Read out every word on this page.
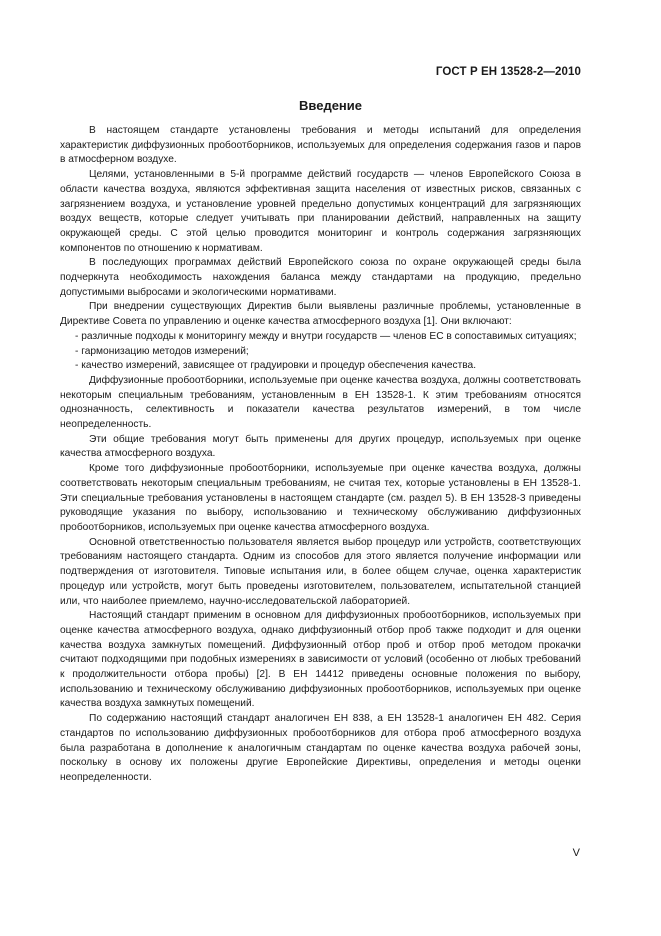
ГОСТ Р ЕН 13528-2—2010
Введение

В настоящем стандарте установлены требования и методы испытаний для определения характеристик диффузионных пробоотборников, используемых для определения содержания газов и паров в атмосферном воздухе.

Целями, установленными в 5-й программе действий государств — членов Европейского Союза в области качества воздуха, являются эффективная защита населения от известных рисков, связанных с загрязнением воздуха, и установление уровней предельно допустимых концентраций для загрязняющих воздух веществ, которые следует учитывать при планировании действий, направленных на защиту окружающей среды. С этой целью проводится мониторинг и контроль содержания загрязняющих компонентов по отношению к нормативам.

В последующих программах действий Европейского союза по охране окружающей среды была подчеркнута необходимость нахождения баланса между стандартами на продукцию, предельно допустимыми выбросами и экологическими нормативами.

При внедрении существующих Директив были выявлены различные проблемы, установленные в Директиве Совета по управлению и оценке качества атмосферного воздуха [1]. Они включают:

- различные подходы к мониторингу между и внутри государств — членов ЕС в сопоставимых ситуациях;

- гармонизацию методов измерений;

- качество измерений, зависящее от градуировки и процедур обеспечения качества.

Диффузионные пробоотборники, используемые при оценке качества воздуха, должны соответствовать некоторым специальным требованиям, установленным в ЕН 13528-1. К этим требованиям относятся однозначность, селективность и показатели качества результатов измерений, в том числе неопределенность.

Эти общие требования могут быть применены для других процедур, используемых при оценке качества атмосферного воздуха.

Кроме того диффузионные пробоотборники, используемые при оценке качества воздуха, должны соответствовать некоторым специальным требованиям, не считая тех, которые установлены в ЕН 13528-1. Эти специальные требования установлены в настоящем стандарте (см. раздел 5). В ЕН 13528-3 приведены руководящие указания по выбору, использованию и техническому обслуживанию диффузионных пробоотборников, используемых при оценке качества атмосферного воздуха.

Основной ответственностью пользователя является выбор процедур или устройств, соответствующих требованиям настоящего стандарта. Одним из способов для этого является получение информации или подтверждения от изготовителя. Типовые испытания или, в более общем случае, оценка характеристик процедур или устройств, могут быть проведены изготовителем, пользователем, испытательной станцией или, что наиболее приемлемо, научно-исследовательской лабораторией.

Настоящий стандарт применим в основном для диффузионных пробоотборников, используемых при оценке качества атмосферного воздуха, однако диффузионный отбор проб также подходит и для оценки качества воздуха замкнутых помещений. Диффузионный отбор проб и отбор проб методом прокачки считают подходящими при подобных измерениях в зависимости от условий (особенно от любых требований к продолжительности отбора пробы) [2]. В ЕН 14412 приведены основные положения по выбору, использованию и техническому обслуживанию диффузионных пробоотборников, используемых при оценке качества воздуха замкнутых помещений.

По содержанию настоящий стандарт аналогичен ЕН 838, а ЕН 13528-1 аналогичен ЕН 482. Серия стандартов по использованию диффузионных пробоотборников для отбора проб атмосферного воздуха была разработана в дополнение к аналогичным стандартам по оценке качества воздуха рабочей зоны, поскольку в основу их положены другие Европейские Директивы, определения и методы оценки неопределенности.

V
